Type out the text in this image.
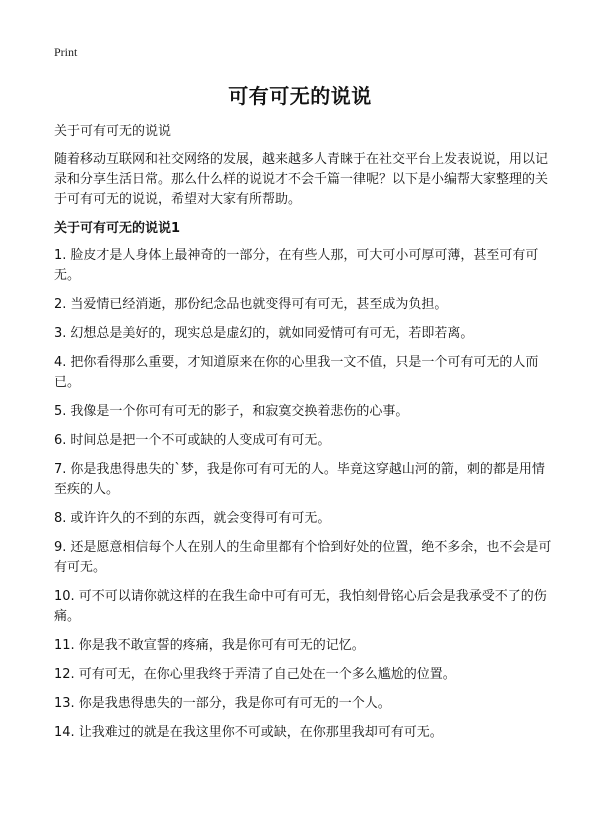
Print
可有可无的说说
关于可有可无的说说

随着移动互联网和社交网络的发展，越来越多人青睐于在社交平台上发表说说，用以记录和分享生活日常。那么什么样的说说才不会千篇一律呢？以下是小编帮大家整理的关于可有可无的说说，希望对大家有所帮助。

关于可有可无的说说1
1. 脸皮才是人身体上最神奇的一部分，在有些人那，可大可小可厚可薄，甚至可有可无。
2. 当爱情已经消逝，那份纪念品也就变得可有可无，甚至成为负担。
3. 幻想总是美好的，现实总是虚幻的，就如同爱情可有可无，若即若离。
4. 把你看得那么重要，才知道原来在你的心里我一文不值，只是一个可有可无的人而已。
5. 我像是一个你可有可无的影子，和寂寞交换着悲伤的心事。
6. 时间总是把一个不可或缺的人变成可有可无。
7. 你是我患得患失的`梦，我是你可有可无的人。毕竟这穿越山河的箭，刺的都是用情至疾的人。
8. 或许许久的不到的东西，就会变得可有可无。
9. 还是愿意相信每个人在别人的生命里都有个恰到好处的位置，绝不多余，也不会是可有可无。
10. 可不可以请你就这样的在我生命中可有可无，我怕刻骨铭心后会是我承受不了的伤痛。
11. 你是我不敢宣誓的疼痛，我是你可有可无的记忆。
12. 可有可无，在你心里我终于弄清了自己处在一个多么尴尬的位置。
13. 你是我患得患失的一部分，我是你可有可无的一个人。
14. 让我难过的就是在我这里你不可或缺，在你那里我却可有可无。
